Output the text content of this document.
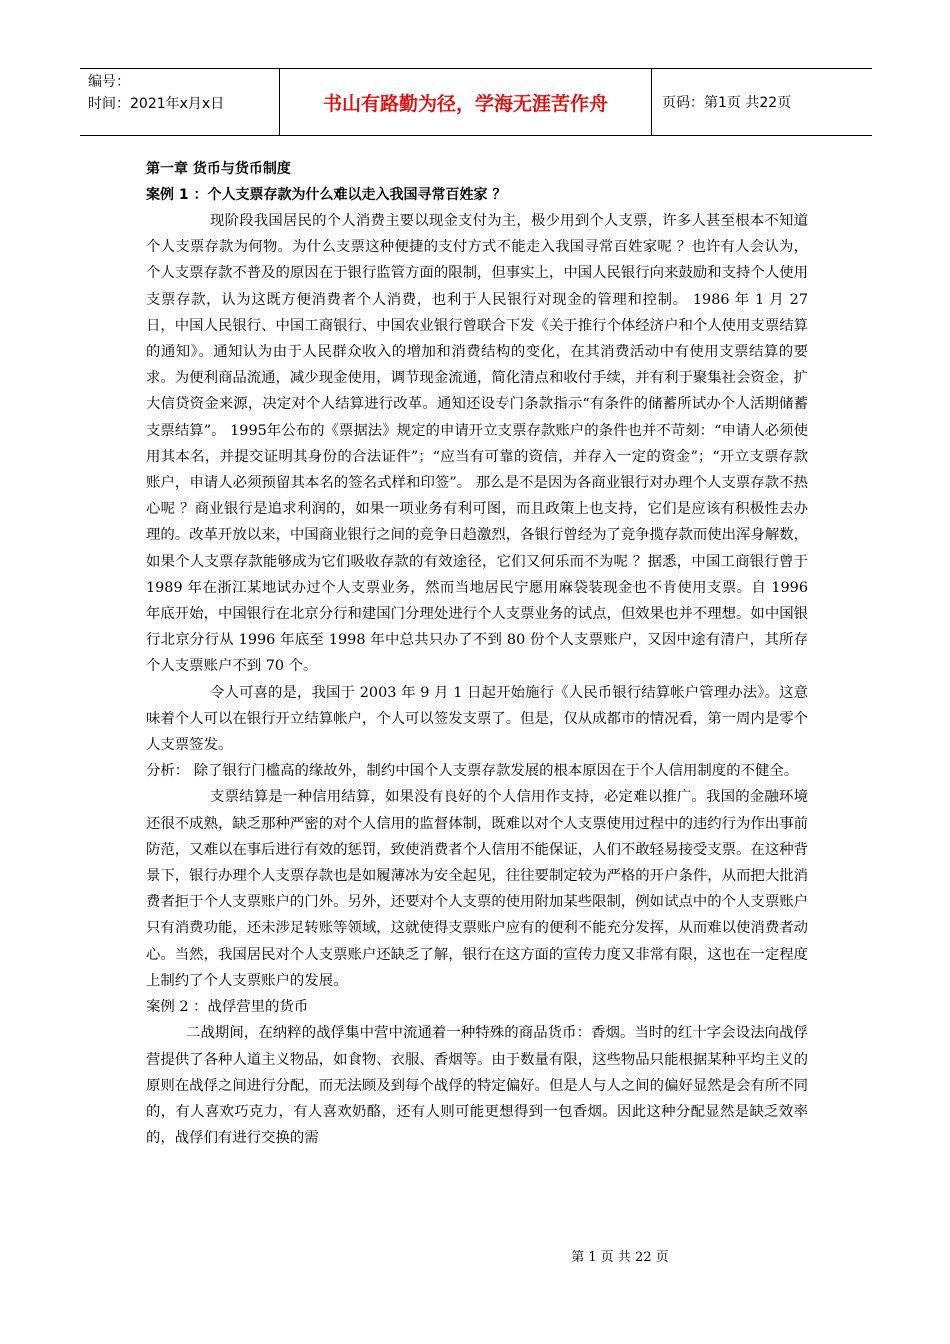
编号：
时间：2021年x月x日	书山有路勤为径，学海无涯苦作舟	页码：第1页 共22页

第一章 货币与货币制度

案例 1 ：个人支票存款为什么难以走入我国寻常百姓家 ？

现阶段我国居民的个人消费主要以现金支付为主，极少用到个人支票，许多人甚至根本不知道个人支票存款为何物。为什么支票这种便捷的支付方式不能走入我国寻常百姓家呢 ？也许有人会认为，个人支票存款不普及的原因在于银行监管方面的限制，但事实上，中国人民银行向来鼓励和支持个人使用支票存款，认为这既方便消费者个人消费，也利于人民银行对现金的管理和控制。 1986 年 1 月 27 日，中国人民银行、中国工商银行、中国农业银行曾联合下发《关于推行个体经济户和个人使用支票结算的通知》。通知认为由于人民群众收入的增加和消费结构的变化，在其消费活动中有使用支票结算的要求。为便利商品流通，减少现金使用，调节现金流通，简化清点和收付手续，并有利于聚集社会资金，扩大信贷资金来源，决定对个人结算进行改革。通知还设专门条款指示“有条件的储蓄所试办个人活期储蓄支票结算”。 1995年公布的《票据法》规定的申请开立支票存款账户的条件也并不苛刻：“申请人必须使用其本名，并提交证明其身份的合法证件”；“应当有可靠的资信，并存入一定的资金”；“开立支票存款账户，申请人必须预留其本名的签名式样和印签”。 那么是不是因为各商业银行对办理个人支票存款不热心呢 ？商业银行是追求利润的，如果一项业务有利可图，而且政策上也支持，它们是应该有积极性去办理的。改革开放以来，中国商业银行之间的竞争日趋激烈，各银行曾经为了竞争揽存款而使出浑身解数，如果个人支票存款能够成为它们吸收存款的有效途径，它们又何乐而不为呢 ？据悉，中国工商银行曾于 1989 年在浙江某地试办过个人支票业务，然而当地居民宁愿用麻袋装现金也不肯使用支票。自 1996 年底开始，中国银行在北京分行和建国门分理处进行个人支票业务的试点，但效果也并不理想。如中国银行北京分行从 1996 年底至 1998 年中总共只办了不到 80 份个人支票账户，又因中途有清户，其所存个人支票账户不到 70 个。

令人可喜的是，我国于 2003 年 9 月 1 日起开始施行《人民币银行结算帐户管理办法》。这意味着个人可以在银行开立结算帐户，个人可以签发支票了。但是，仅从成都市的情况看，第一周内是零个人支票签发。

分析： 除了银行门槛高的缘故外，制约中国个人支票存款发展的根本原因在于个人信用制度的不健全。

支票结算是一种信用结算，如果没有良好的个人信用作支持，必定难以推广。我国的金融环境还很不成熟，缺乏那种严密的对个人信用的监督体制，既难以对个人支票使用过程中的违约行为作出事前防范，又难以在事后进行有效的惩罚，致使消费者个人信用不能保证，人们不敢轻易接受支票。在这种背景下，银行办理个人支票存款也是如履薄冰为安全起见，往往要制定较为严格的开户条件，从而把大批消费者拒于个人支票账户的门外。另外，还要对个人支票的使用附加某些限制，例如试点中的个人支票账户只有消费功能，还未涉足转账等领域，这就使得支票账户应有的便利不能充分发挥，从而难以使消费者动心。当然，我国居民对个人支票账户还缺乏了解，银行在这方面的宣传力度又非常有限，这也在一定程度上制约了个人支票账户的发展。

案例 2 ：战俘营里的货币

二战期间，在纳粹的战俘集中营中流通着一种特殊的商品货币：香烟。当时的红十字会设法向战俘营提供了各种人道主义物品，如食物、衣服、香烟等。由于数量有限，这些物品只能根据某种平均主义的原则在战俘之间进行分配，而无法顾及到每个战俘的特定偏好。但是人与人之间的偏好显然是会有所不同的，有人喜欢巧克力，有人喜欢奶酪，还有人则可能更想得到一包香烟。因此这种分配显然是缺乏效率的，战俘们有进行交换的需

第 1 页 共 22 页
